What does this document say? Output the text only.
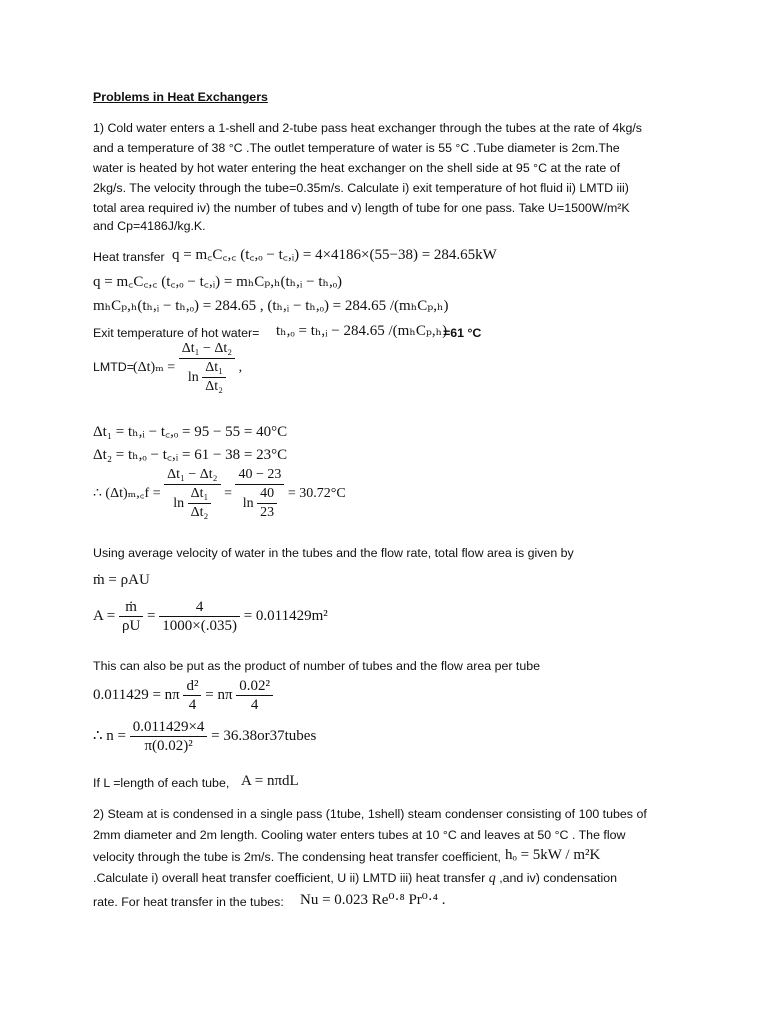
Problems in Heat Exchangers
1) Cold water enters a 1-shell and 2-tube pass heat exchanger through the tubes at the rate of 4kg/s
and a temperature of 38 °C .The outlet temperature of water is 55 °C .Tube diameter is 2cm.The
water is heated by hot water entering the heat exchanger on the shell side at 95 °C at the rate of
2kg/s. The velocity through the tube=0.35m/s. Calculate i) exit temperature of hot fluid ii) LMTD iii)
total area required iv) the number of tubes and v) length of tube for one pass. Take U=1500W/m²K
and Cp=4186J/kg.K.
Heat transfer q = m꜀C꜀,꜀ (t꜀,ₒ − t꜀,ᵢ) = 4×4186×(55−38) = 284.65kW
q = m꜀C꜀,꜀ (t꜀,ₒ − t꜀,ᵢ) = mₕCₚ,ₕ(tₕ,ᵢ − tₕ,ₒ)
mₕCₚ,ₕ(tₕ,ᵢ − tₕ,ₒ) = 284.65 , (tₕ,ᵢ − tₕ,ₒ) = 284.65 /(mₕCₚ,ₕ)
Exit temperature of hot water= tₕ,ₒ = tₕ,ᵢ − 284.65 /(mₕCₚ,ₕ)
=61 °C
LMTD= $(\Delta t)_m = \frac{\text{Δt₁ − Δt₂}}{\ln \frac{\text{Δt₁}}{\text{Δt₂}}}$ ,
Δt₁ = tₕ,ᵢ − t꜀,ₒ = 95 − 55 = 40°C
Δt₂ = tₕ,ₒ − t꜀,ᵢ = 61 − 38 = 23°C
∴ (Δt)ₘ,꜀f = $\frac{\text{Δt₁ − Δt₂}}{\ln \frac{\text{Δt₁}}{\text{Δt₂}}} = \frac{40 - 23}{\ln \frac{40}{23}} = 30.72^\circ C$
Using average velocity of water in the tubes and the flow rate, total flow area is given by
ṁ = ρAU
$A = \frac{\text{ṁ}}{\rho U} = \frac{4}{1000\times(.035)} = 0.011429m^2$
This can also be put as the product of number of tubes and the flow area per tube
0.011429 = nπ $\frac{\text{d²}}{4} = n\pi \frac{\text{0.02²}}{4}$
∴ $n = \frac{0.011429\times 4}{\text{π(0.02)²}}$ = 36.38or37tubes
If L =length of each tube, A = nπdL
2) Steam at is condensed in a single pass (1tube, 1shell) steam condenser consisting of 100 tubes of
2mm diameter and 2m length. Cooling water enters tubes at 10 °C and leaves at 50 °C . The flow
velocity through the tube is 2m/s. The condensing heat transfer coefficient, hₒ = 5kW / m²K
.Calculate i) overall heat transfer coefficient, U ii) LMTD iii) heat transfer q ,and iv) condensation
rate. For heat transfer in the tubes: Nu = 0.023 Re⁰·⁸ Pr⁰·⁴ .
